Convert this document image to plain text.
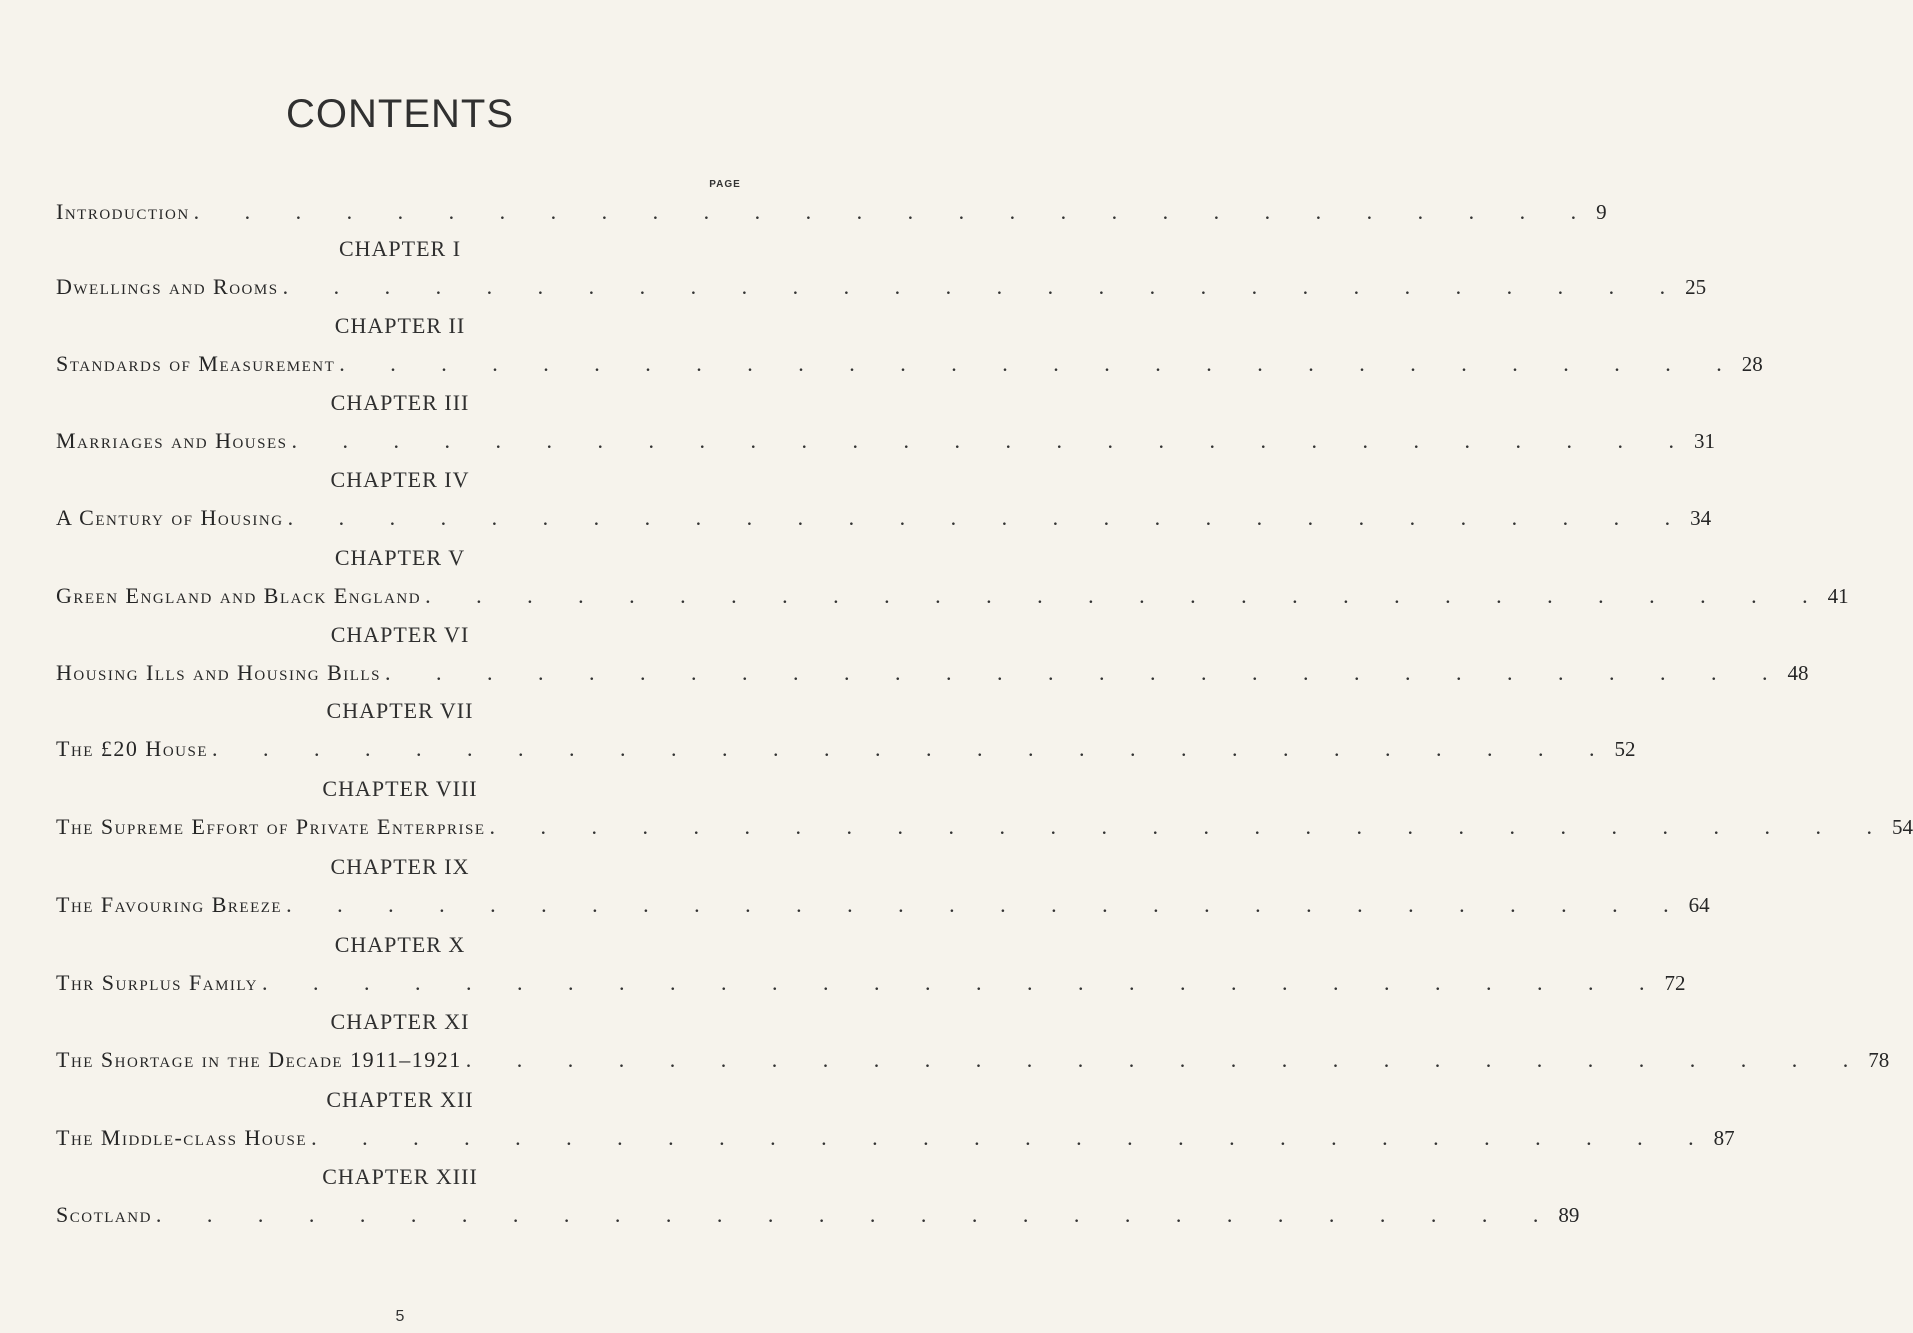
CONTENTS
PAGE
Introduction . . . . . . . . . . . . . . . . . . . . . . . . . . . . 9
CHAPTER I
Dwellings and Rooms . . . . . . . . . . . . . . . . . . . . . . . . . . . . 25
CHAPTER II
Standards of Measurement . . . . . . . . . . . . . . . . . . . . . . . . . . . . 28
CHAPTER III
Marriages and Houses . . . . . . . . . . . . . . . . . . . . . . . . . . . . 31
CHAPTER IV
A Century of Housing . . . . . . . . . . . . . . . . . . . . . . . . . . . . 34
CHAPTER V
Green England and Black England . . . . . . . . . . . . . . . . . . . . . . . . . . . . 41
CHAPTER VI
Housing Ills and Housing Bills . . . . . . . . . . . . . . . . . . . . . . . . . . . . 48
CHAPTER VII
The £20 House . . . . . . . . . . . . . . . . . . . . . . . . . . . . 52
CHAPTER VIII
The Supreme Effort of Private Enterprise . . . . . . . . . . . . . . . . . . . . . . . . . . . . 54
CHAPTER IX
The Favouring Breeze . . . . . . . . . . . . . . . . . . . . . . . . . . . . 64
CHAPTER X
Thr Surplus Family . . . . . . . . . . . . . . . . . . . . . . . . . . . . 72
CHAPTER XI
The Shortage in the Decade 1911–1921 . . . . . . . . . . . . . . . . . . . . . . . . . . . . 78
CHAPTER XII
The Middle-class House . . . . . . . . . . . . . . . . . . . . . . . . . . . . 87
CHAPTER XIII
Scotland . . . . . . . . . . . . . . . . . . . . . . . . . . . . 89
5
